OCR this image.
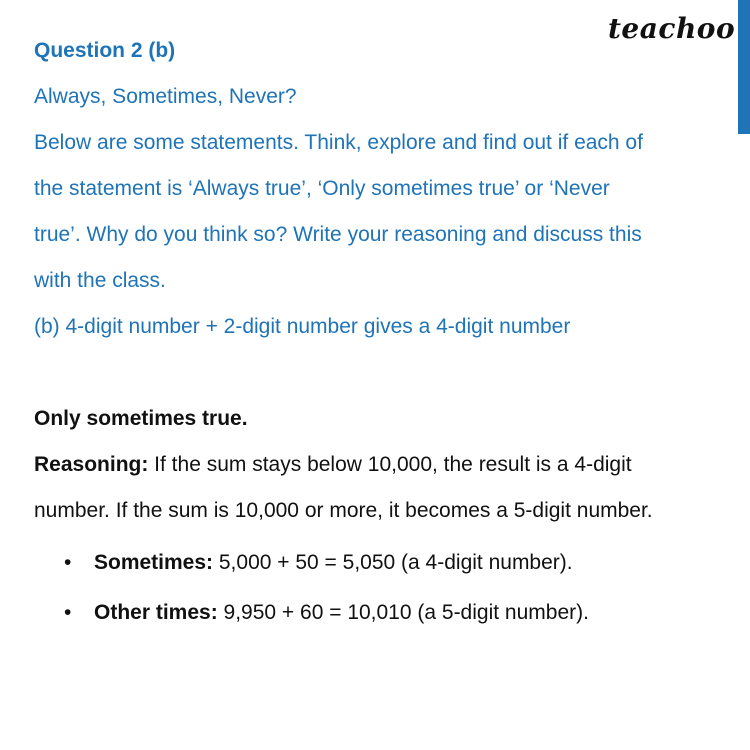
teachoo
Question 2 (b)
Always, Sometimes, Never?
Below are some statements. Think, explore and find out if each of
the statement is ‘Always true’, ‘Only sometimes true’ or ‘Never
true’. Why do you think so? Write your reasoning and discuss this
with the class.
(b) 4-digit number + 2-digit number gives a 4-digit number
Only sometimes true.
Reasoning: If the sum stays below 10,000, the result is a 4-digit
number. If the sum is 10,000 or more, it becomes a 5-digit number.
• Sometimes: 5,000 + 50 = 5,050 (a 4-digit number).
• Other times: 9,950 + 60 = 10,010 (a 5-digit number).
